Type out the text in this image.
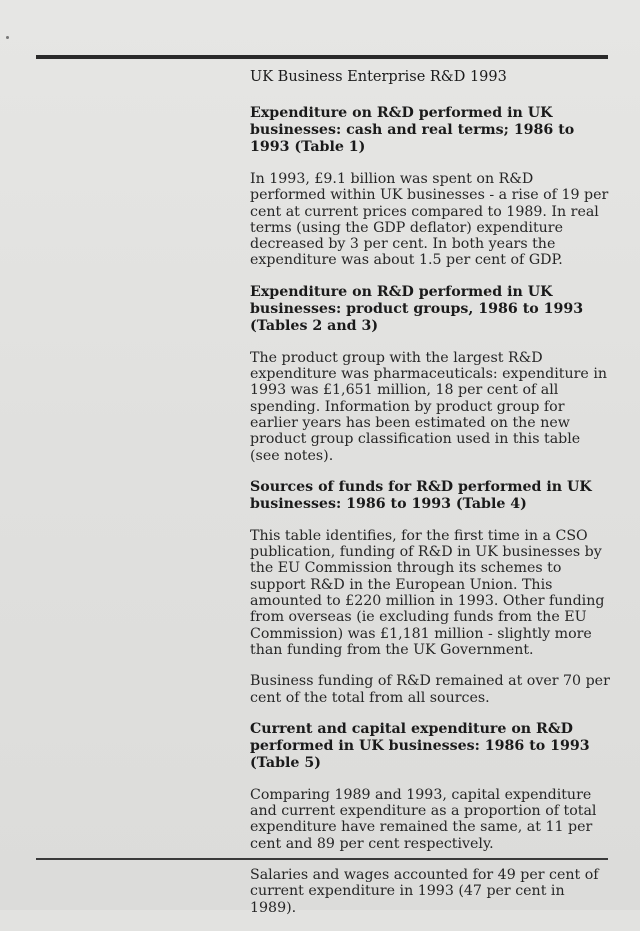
UK Business Enterprise R&D 1993
Expenditure on R&D performed in UK businesses: cash and real terms; 1986 to 1993 (Table 1)
In 1993, £9.1 billion was spent on R&D performed within UK businesses - a rise of 19 per cent at current prices compared to 1989. In real terms (using the GDP deflator) expenditure decreased by 3 per cent. In both years the expenditure was about 1.5 per cent of GDP.
Expenditure on R&D performed in UK businesses: product groups, 1986 to 1993 (Tables 2 and 3)
The product group with the largest R&D expenditure was pharmaceuticals: expenditure in 1993 was £1,651 million, 18 per cent of all spending. Information by product group for earlier years has been estimated on the new product group classification used in this table (see notes).
Sources of funds for R&D performed in UK businesses: 1986 to 1993 (Table 4)
This table identifies, for the first time in a CSO publication, funding of R&D in UK businesses by the EU Commission through its schemes to support R&D in the European Union. This amounted to £220 million in 1993. Other funding from overseas (ie excluding funds from the EU Commission) was £1,181 million - slightly more than funding from the UK Government.
Business funding of R&D remained at over 70 per cent of the total from all sources.
Current and capital expenditure on R&D performed in UK businesses: 1986 to 1993 (Table 5)
Comparing 1989 and 1993, capital expenditure and current expenditure as a proportion of total expenditure have remained the same, at 11 per cent and 89 per cent respectively.
Salaries and wages accounted for 49 per cent of current expenditure in 1993 (47 per cent in 1989).
